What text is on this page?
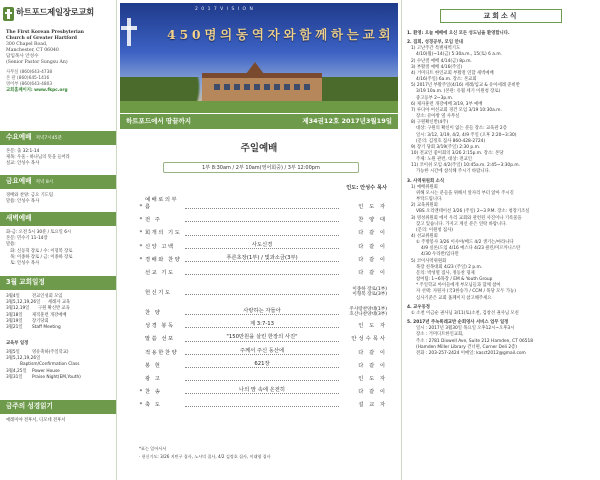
하트포드제일장로교회
The First Korean Presbyterian
Church of Greater Hartford
300 Chapel Road,
Manchester, CT 06040
담임목사 안성수
(Senior Pastor Sungsu An)
사무실 (860)643-4738
본 관 (860)645-1416
영어부 (860)643-4803
교회홈페이지: www.fkpc.org
수요예배 저녁7시45분
본문: 출 32:1-14
제목: 우울 - 하나님의 뜻을 들어라
설교: 안성수 목사
금요예배 저녁 8시
경배와 찬양: 금요 기도팀
말씀: 안성수 목사
새벽예배
화-금: 오전 5시 30분 / 토요일 6시
본문: 민수기 11-14장
말씀:
화: 신동혁 장로 / 수: 이형복 장로
목: 이종하 장로 / 금: 이종하 장로
토: 안성수 목사
3월 교회일정
3월4일	전교인성회 모임
3월5,12,19,26일	세례자 교육
3월12,19일	구원 확신반 교육
3월18일	제직훈련 개강예배
3월19일	장기당회
3월21일	Staff Meeting
교육부 일정
3월5일	영유축하(주일학교)
3월5,12,19,26일
Baptism/Confirmation Class
3월4,25일	Power House
3월31일	Praise Night(EM,Youth)
금주의 성경읽기
예레미야 전후서, 디모데 전후서
2 0 1 7 V I S I O N
4 5 0 명 의 동 역 자 와 함 께 하 는 교 회
하트포드에서 땅끝까지	제34권12호 2017년3월19일
주일예배
1부 8:30am / 2부 10am(영어회중) / 3부 12:00pm
인도: 안성수 목사
*
예배로의부름	인 도 자
* 전 주	찬 양 대
* 회개의 기도	다 같 이
* 신앙 고백	사도신경	다 같 이
* 경배와 찬양	푸른초장(1부) / 빛과소금(3부)	다 같 이
선교 기도	다 같 이
헌신기도
이종하 장로(1부)
이형복 장로(3부)
찬 양	사랑하는 자들아	주사랑찬양대(1부)
호산나찬양대(3부)
성경 봉독	계 3:7-13	인 도 자
말씀 선포	"150만원을 살린 한장의 사진"	안성수목사
적용한찬양	주께서 주신 동산에	다 같 이
봉 헌	621장	다 같 이
광 고	인 도 자
* 찬 송	나의 맘 속에 온전히	다 같 이
* 축 도	설 교 자
*표는 일어서서
· 헌신기도: 3/26 지민구 집사, 노시덕 집사, 4/2 김정호 집사, 이대영 집사
교회소식
1. 환영: 오늘 예배에 오신 모든 성도님을 환영합니다.
2. 집회, 성경공부, 모임 안내
1) 고난주간 특별새벽기도
4/10(월)~14(금) 5:30a.m., 15(토) 6 a.m.
2) 수난절 예배 4/14(금) 8p.m.
3) 부활절 예배 4/16(주일)
4) 거미디트 한인교회 부활절 연합 새벽예배
4/16(주일) 6a.m. 장소: 본교회
5) 2017년 부활주일(4/16) 세례/입교 & 유아세례 준비반
3/19 10a.m. (본관: 유월 세기 이원청 장로)
중고등부 2~3p.m.
6) 제자훈련 개강예배 3/19, 3부 예배
7) 루디아 여선교회 경건 모임 3/19 10:30a.m.
장소: 유아방 옆 사무실
8) 구원확신반(4주)
대상: 구원의 확신이 없는 분들 장소: 교육관 2층
일시: 3/12, 3/19, 4/2, 4/9 주일 (오후 2:20~3:30)
(문의: 김정호 집사 860-428-2724)
9) 장기 당회 3/19(주일) 2:30 p.m.
10) 전교인 좋이회의 3/26 2:15p.m. 장소: 본당
주제: 노원 관련, 대상: 전교인
11) 코이쉬 모임 4/2(주일) 10:45a.m. 2:45~3:30p.m.
가능한 시간에 참석해 주시기 바랍니다.
3. 사역위원회 소식
1) 예배위원회
위해 모시는 분들을 위해서 앞자리 부터 앉아 주시길
부탁드립니다.
2) 교육위원회
VBS 오리엔테이션 3/26 (주일) 2~3 P.M. 장소: 청장기조실
3) 영성위원회 에서 우리 교회와 관련된 사진이나 기록물을
찾고 있습니다. 가지고 계신 분은 연락 바랍니다.
(문의: 이원청 집사)
4) 선교위원회
① 주방봉사 3/26 이사야/베드 4/2 생기는/마라나다
4/9 실론/드임 4/16 예스다 4/23 클린/미르까니스탄
4/30 우라반/임다만
5) 코이사역위원회
목장 친목대회 4/23 (주일) 2 p.m.
문의: 박성열 집사, 정동찬 형제
참여팀: 1~6목장 / EM & Youth Group
* 주일학교 아이들에게 부모님들과 함께 참여
자 선택: 자원자 (국3한승가 / CCM / 목당 모두 가능)
심사기준은 교회 홈페이지 참고해주세요
4. 교우동정
① 소천 이금순 권사님 3/11(토)소천, 김창선 권사님 모친
5. 2017년 주녹록레교반 순회영사 서비스 업무 일정
일시 : 2017년 3월30일 목요일 오후12시~오후3시
장소 : 거미디트한인교회,
주소 : 2781 Dixwell Ave, Suite 212 Hamden, CT 06518
(Hamden Miller Library 건너편, Corner Deli 2층)
전화 : 203-257-2424 이메일: kasct2012@gmail.com
